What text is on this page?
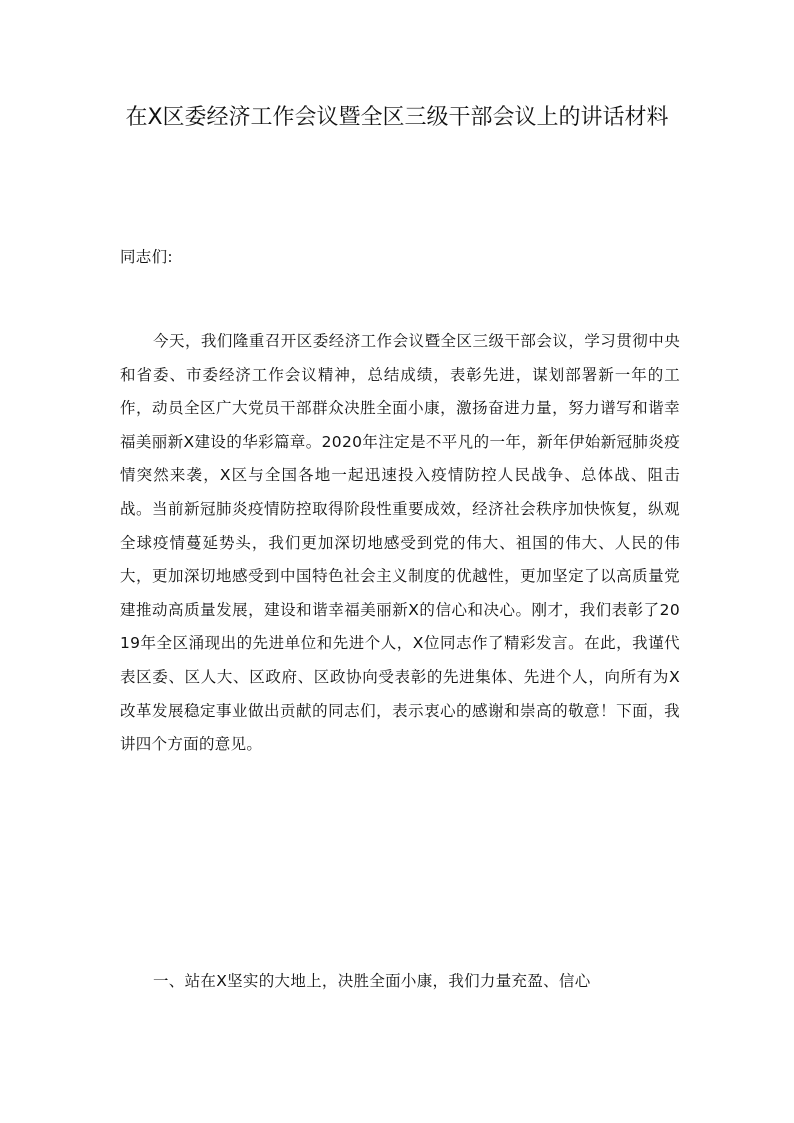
在X区委经济工作会议暨全区三级干部会议上的讲话材料

同志们:

今天，我们隆重召开区委经济工作会议暨全区三级干部会议，学习贯彻中央和省委、市委经济工作会议精神，总结成绩，表彰先进，谋划部署新一年的工作，动员全区广大党员干部群众决胜全面小康，激扬奋进力量，努力谱写和谐幸福美丽新X建设的华彩篇章。2020年注定是不平凡的一年，新年伊始新冠肺炎疫情突然来袭，X区与全国各地一起迅速投入疫情防控人民战争、总体战、阻击战。当前新冠肺炎疫情防控取得阶段性重要成效，经济社会秩序加快恢复，纵观全球疫情蔓延势头，我们更加深切地感受到党的伟大、祖国的伟大、人民的伟大，更加深切地感受到中国特色社会主义制度的优越性，更加坚定了以高质量党建推动高质量发展，建设和谐幸福美丽新X的信心和决心。刚才，我们表彰了2019年全区涌现出的先进单位和先进个人，X位同志作了精彩发言。在此，我谨代表区委、区人大、区政府、区政协向受表彰的先进集体、先进个人，向所有为X改革发展稳定事业做出贡献的同志们，表示衷心的感谢和崇高的敬意！下面，我讲四个方面的意见。

一、站在X坚实的大地上，决胜全面小康，我们力量充盈、信心
